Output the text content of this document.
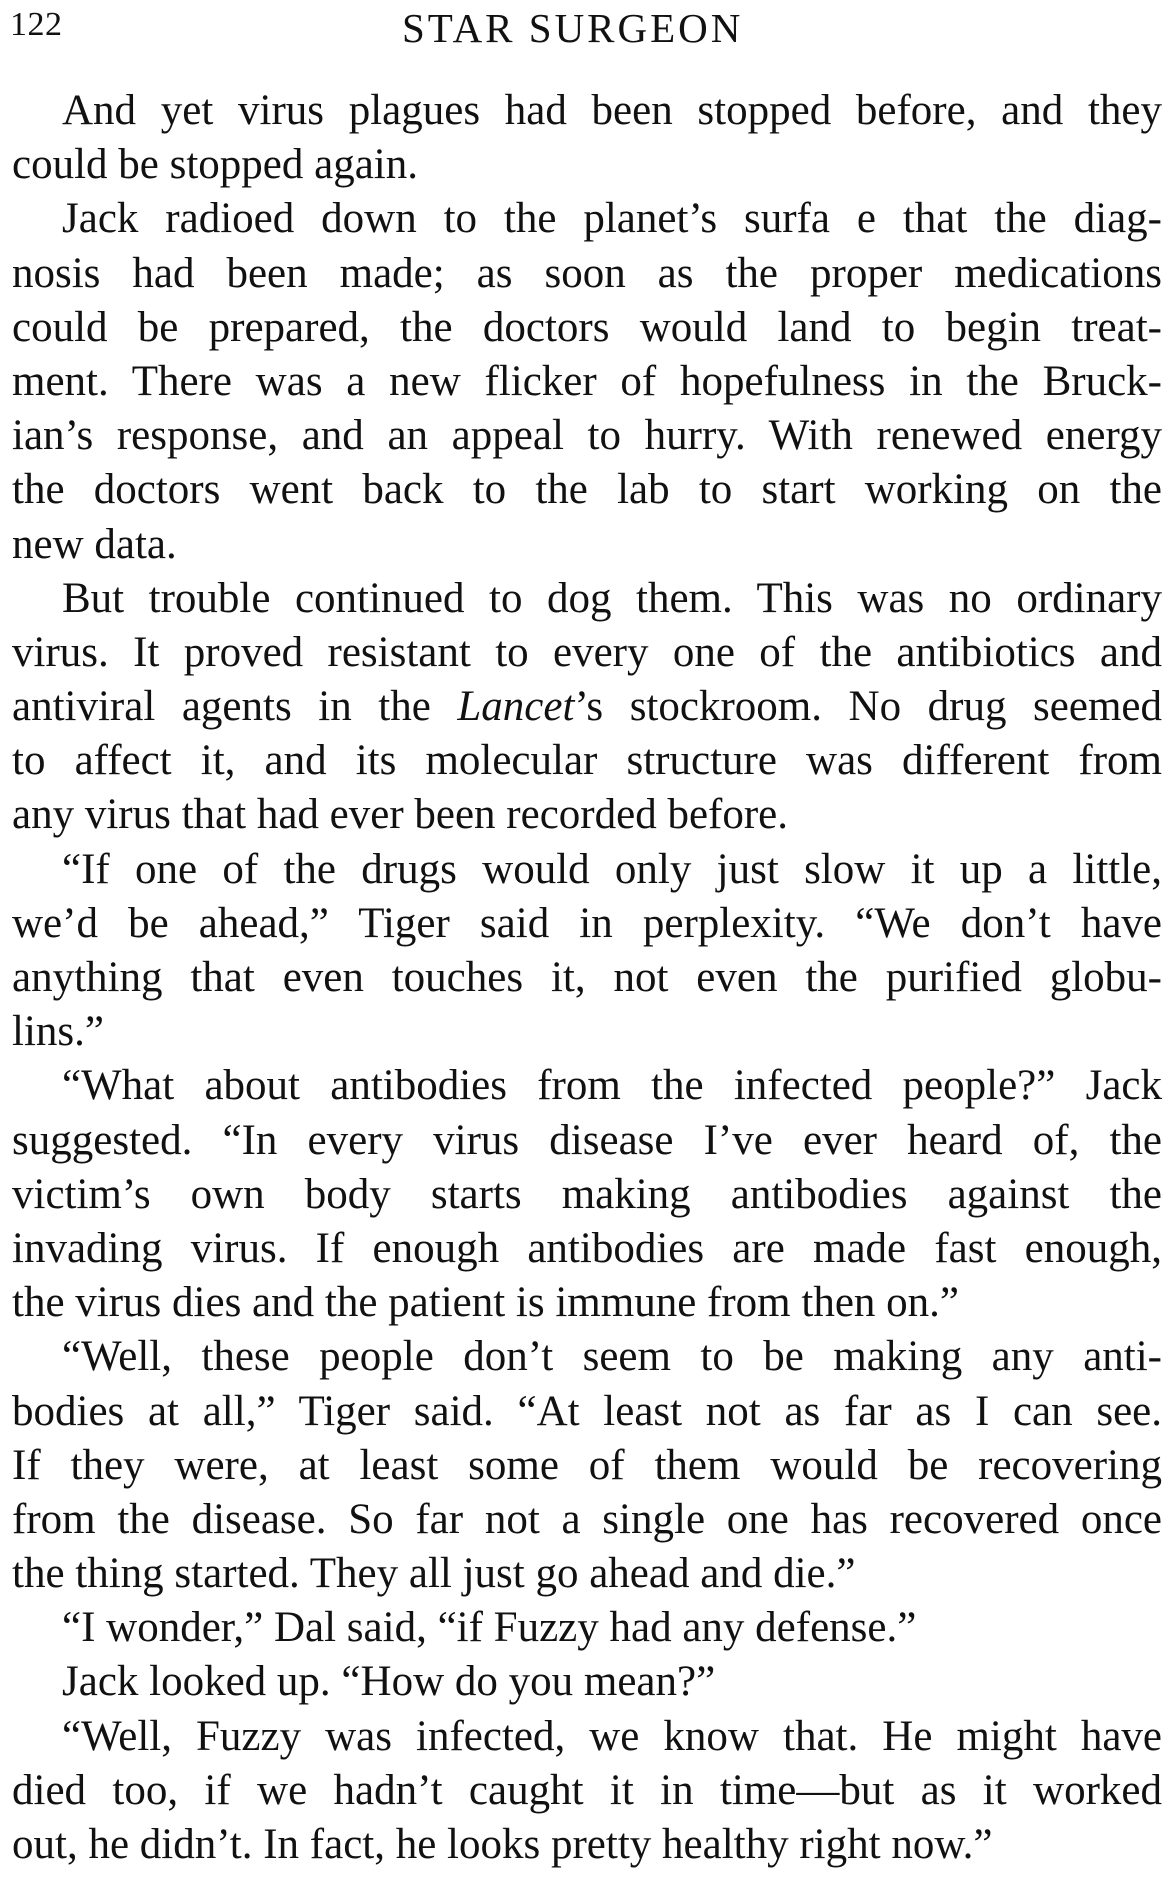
122	STAR SURGEON
And yet virus plagues had been stopped before, and they
could be stopped again.
Jack radioed down to the planet’s surfa e that the diag-
nosis had been made; as soon as the proper medications
could be prepared, the doctors would land to begin treat-
ment. There was a new flicker of hopefulness in the Bruck-
ian’s response, and an appeal to hurry. With renewed energy
the doctors went back to the lab to start working on the
new data.
But trouble continued to dog them. This was no ordinary
virus. It proved resistant to every one of the antibiotics and
antiviral agents in the Lancet’s stockroom. No drug seemed
to affect it, and its molecular structure was different from
any virus that had ever been recorded before.
“If one of the drugs would only just slow it up a little,
we’d be ahead,” Tiger said in perplexity. “We don’t have
anything that even touches it, not even the purified globu-
lins.”
“What about antibodies from the infected people?” Jack
suggested. “In every virus disease I’ve ever heard of, the
victim’s own body starts making antibodies against the
invading virus. If enough antibodies are made fast enough,
the virus dies and the patient is immune from then on.”
“Well, these people don’t seem to be making any anti-
bodies at all,” Tiger said. “At least not as far as I can see.
If they were, at least some of them would be recovering
from the disease. So far not a single one has recovered once
the thing started. They all just go ahead and die.”
“I wonder,” Dal said, “if Fuzzy had any defense.”
Jack looked up. “How do you mean?”
“Well, Fuzzy was infected, we know that. He might have
died too, if we hadn’t caught it in time—but as it worked
out, he didn’t. In fact, he looks pretty healthy right now.”
